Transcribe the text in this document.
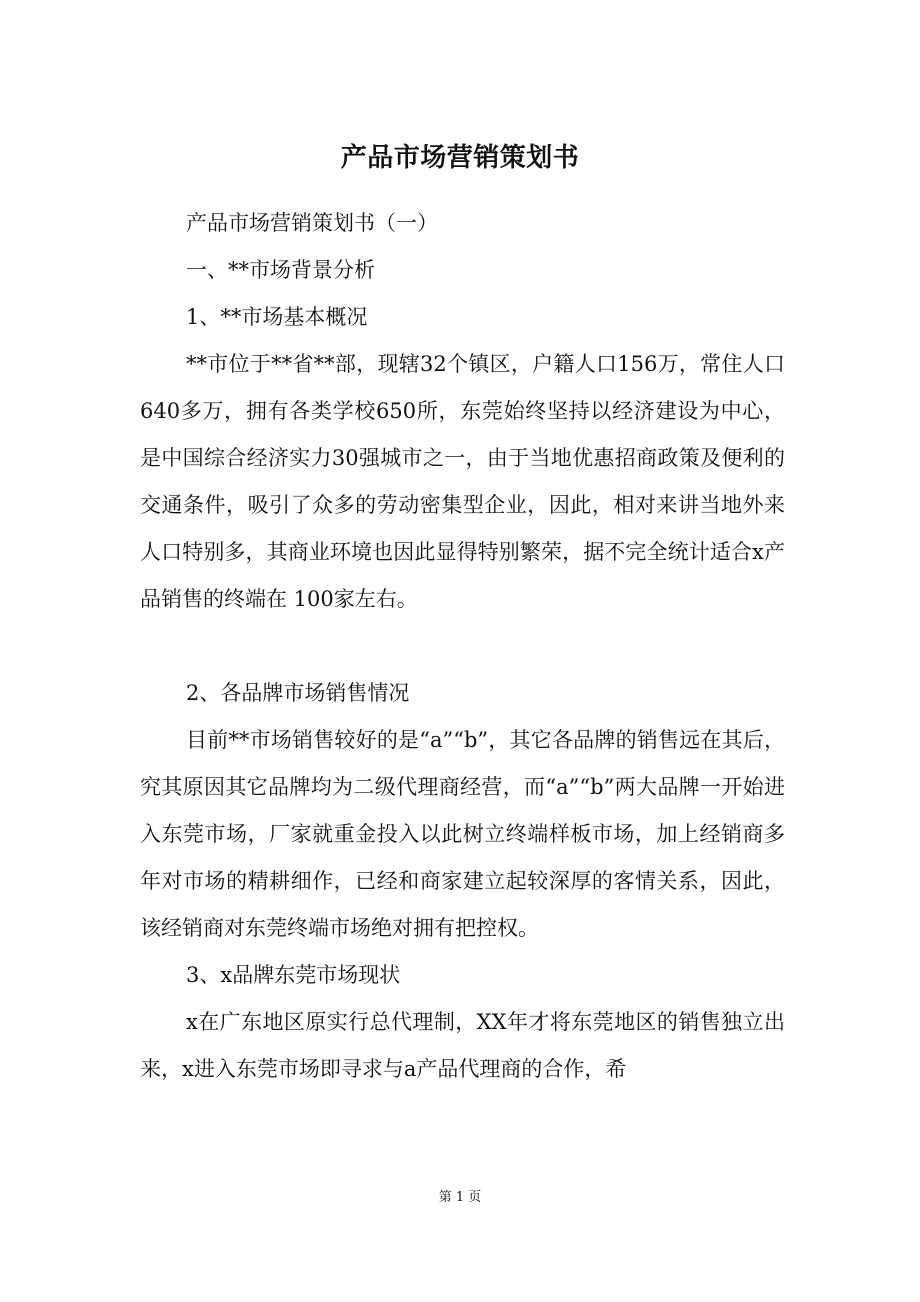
产品市场营销策划书

产品市场营销策划书（一）

一、**市场背景分析

1、**市场基本概况

**市位于**省**部，现辖32个镇区，户籍人口156万，常住人口640多万，拥有各类学校650所，东莞始终坚持以经济建设为中心，是中国综合经济实力30强城市之一，由于当地优惠招商政策及便利的交通条件，吸引了众多的劳动密集型企业，因此，相对来讲当地外来人口特别多，其商业环境也因此显得特别繁荣，据不完全统计适合x产品销售的终端在 100家左右。

2、各品牌市场销售情况

目前**市场销售较好的是“a”“b”，其它各品牌的销售远在其后，究其原因其它品牌均为二级代理商经营，而“a”“b”两大品牌一开始进入东莞市场，厂家就重金投入以此树立终端样板市场，加上经销商多年对市场的精耕细作，已经和商家建立起较深厚的客情关系，因此，该经销商对东莞终端市场绝对拥有把控权。

3、x品牌东莞市场现状

x在广东地区原实行总代理制，XX年才将东莞地区的销售独立出来，x进入东莞市场即寻求与a产品代理商的合作，希

第 1 页
